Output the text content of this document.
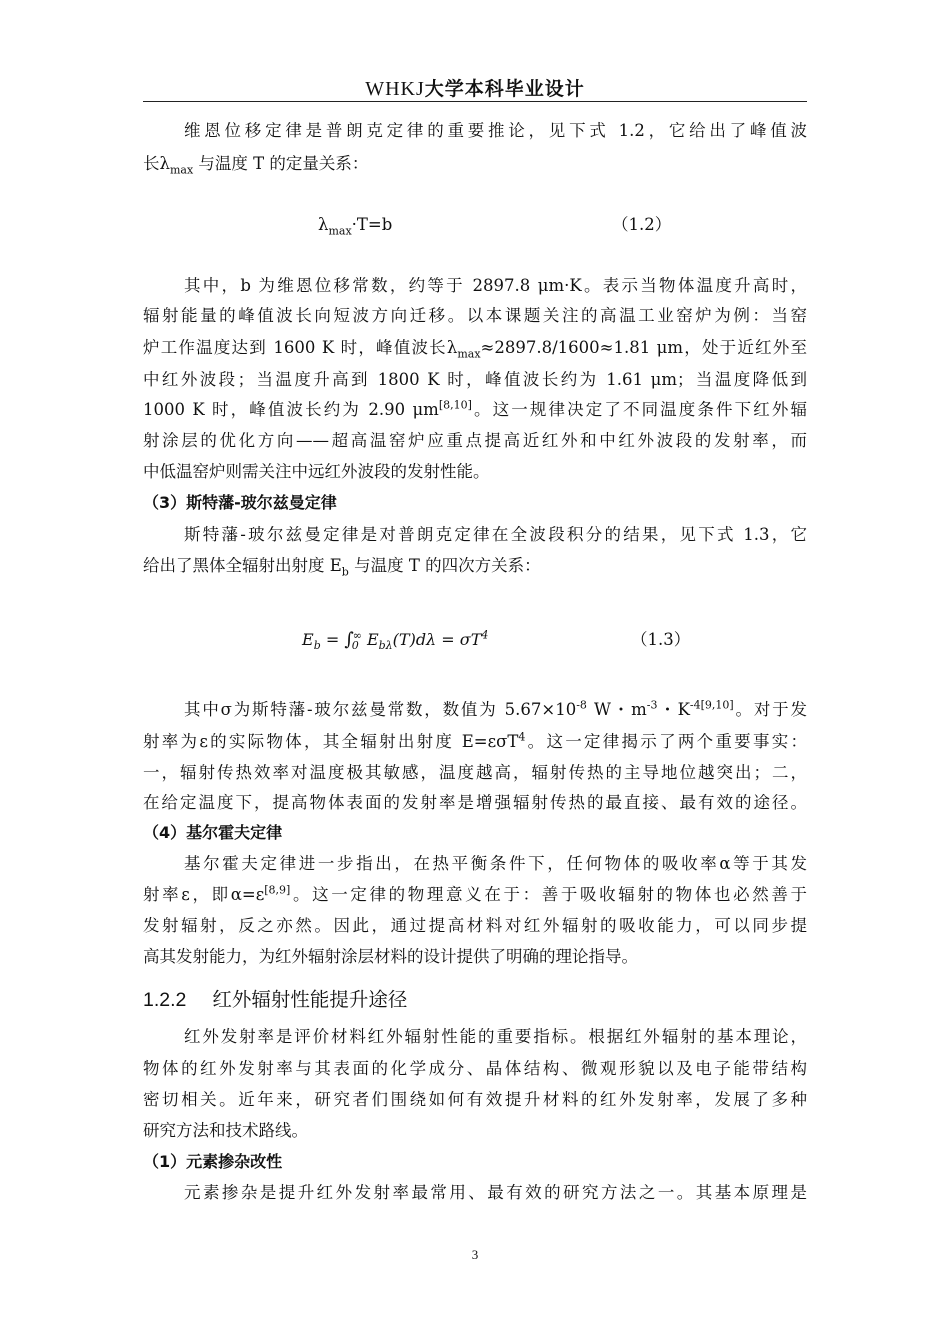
WHKJ大学本科毕业设计
维恩位移定律是普朗克定律的重要推论，见下式 1.2，它给出了峰值波
长$\lambda_{max}$ 与温度 T 的定量关系：
$\lambda_{max}\cdot T=b$	（1.2）
其中，b 为维恩位移常数，约等于 2897.8 μm·K。表示当物体温度升高时，
辐射能量的峰值波长向短波方向迁移。以本课题关注的高温工业窑炉为例：当窑
炉工作温度达到 1600 K 时，峰值波长$\lambda_{max}\approx 2897.8/1600\approx 1.81$ μm，处于近红外至
中红外波段；当温度升高到 1800 K 时，峰值波长约为 1.61 μm；当温度降低到
1000 K 时，峰值波长约为 2.90 μm[8,10]。这一规律决定了不同温度条件下红外辐
射涂层的优化方向——超高温窑炉应重点提高近红外和中红外波段的发射率，而
中低温窑炉则需关注中远红外波段的发射性能。
（3）斯特藩-玻尔兹曼定律
斯特藩-玻尔兹曼定律是对普朗克定律在全波段积分的结果，见下式 1.3，它
给出了黑体全辐射出射度 $E_b$ 与温度 T 的四次方关系：
$E_b = \int_0^\infty$ $E_{b\lambda}(T)d\lambda = \sigma T^4$	（1.3）
其中σ为斯特藩-玻尔兹曼常数，数值为 $5.67\times 10^{-8}$ W・$m^{-3}$・$K^{-4[9,10]}$。对于发
射率为ε的实际物体，其全辐射出射度 E=εσT$^4$。这一定律揭示了两个重要事实：
一，辐射传热效率对温度极其敏感，温度越高，辐射传热的主导地位越突出；二，
在给定温度下，提高物体表面的发射率是增强辐射传热的最直接、最有效的途径。
（4）基尔霍夫定律
基尔霍夫定律进一步指出，在热平衡条件下，任何物体的吸收率α等于其发
射率ε，即α=ε[8,9]。这一定律的物理意义在于：善于吸收辐射的物体也必然善于
发射辐射，反之亦然。因此，通过提高材料对红外辐射的吸收能力，可以同步提
高其发射能力，为红外辐射涂层材料的设计提供了明确的理论指导。
1.2.2 红外辐射性能提升途径
红外发射率是评价材料红外辐射性能的重要指标。根据红外辐射的基本理论，
物体的红外发射率与其表面的化学成分、晶体结构、微观形貌以及电子能带结构
密切相关。近年来，研究者们围绕如何有效提升材料的红外发射率，发展了多种
研究方法和技术路线。
（1）元素掺杂改性
元素掺杂是提升红外发射率最常用、最有效的研究方法之一。其基本原理是
3
